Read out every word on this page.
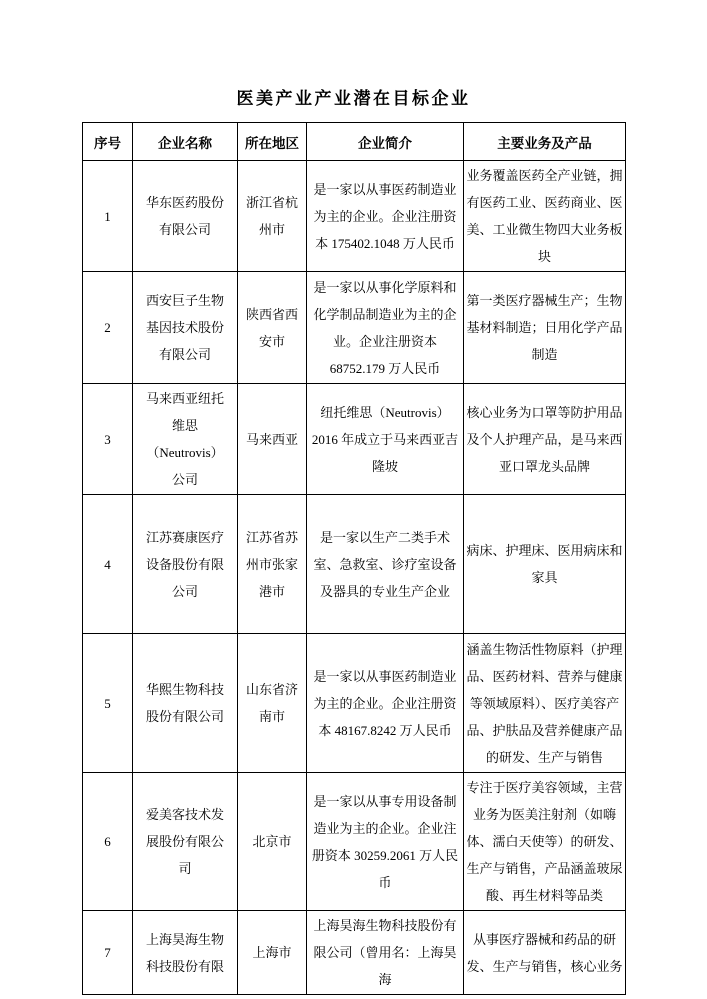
医美产业产业潜在目标企业
序号	企业名称	所在地区	企业简介	主要业务及产品
1	华东医药股份有限公司	浙江省杭州市	是一家以从事医药制造业为主的企业。企业注册资本 175402.1048 万人民币	业务覆盖医药全产业链，拥有医药工业、医药商业、医美、工业微生物四大业务板块
2	西安巨子生物基因技术股份有限公司	陕西省西安市	是一家以从事化学原料和化学制品制造业为主的企业。企业注册资本 68752.179 万人民币	第一类医疗器械生产；生物基材料制造；日用化学产品制造
3	马来西亚纽托维思（Neutrovis）公司	马来西亚	纽托维思（Neutrovis）2016 年成立于马来西亚吉隆坡	核心业务为口罩等防护用品及个人护理产品，是马来西亚口罩龙头品牌
4	江苏赛康医疗设备股份有限公司	江苏省苏州市张家港市	是一家以生产二类手术室、急救室、诊疗室设备及器具的专业生产企业	病床、护理床、医用病床和家具
5	华熙生物科技股份有限公司	山东省济南市	是一家以从事医药制造业为主的企业。企业注册资本 48167.8242 万人民币	涵盖生物活性物原料（护理品、医药材料、营养与健康等领域原料）、医疗美容产品、护肤品及营养健康产品的研发、生产与销售
6	爱美客技术发展股份有限公司	北京市	是一家以从事专用设备制造业为主的企业。企业注册资本 30259.2061 万人民币	专注于医疗美容领域，主营业务为医美注射剂（如嗨体、濡白天使等）的研发、生产与销售，产品涵盖玻尿酸、再生材料等品类
7	上海昊海生物科技股份有限	上海市	上海昊海生物科技股份有限公司（曾用名：上海昊海	从事医疗器械和药品的研发、生产与销售，核心业务
